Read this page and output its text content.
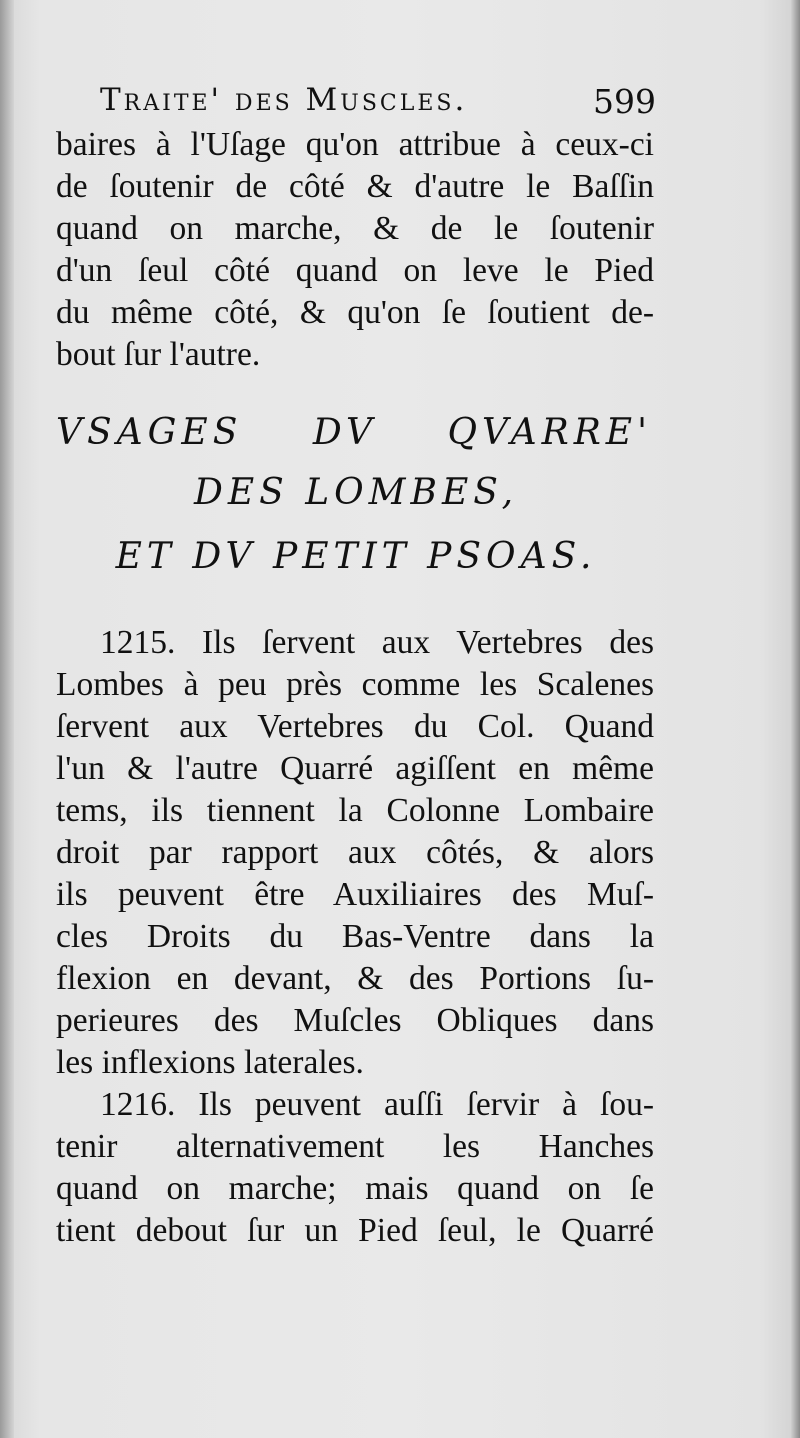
Traite' des Muscles.	599
baires à l'Uſage qu'on attribue à ceux-ci
de ſoutenir de côté & d'autre le Baſſin
quand on marche, & de le ſoutenir
d'un ſeul côté quand on leve le Pied
du même côté, & qu'on ſe ſoutient de-
bout ſur l'autre.
VSAGES DV QVARRE'
DES LOMBES,
ET DV PETIT PSOAS.
1215. Ils ſervent aux Vertebres des
Lombes à peu près comme les Scalenes
ſervent aux Vertebres du Col. Quand
l'un & l'autre Quarré agiſſent en même
tems, ils tiennent la Colonne Lombaire
droit par rapport aux côtés, & alors
ils peuvent être Auxiliaires des Muſ-
cles Droits du Bas-Ventre dans la
flexion en devant, & des Portions ſu-
perieures des Muſcles Obliques dans
les inflexions laterales.
1216. Ils peuvent auſſi ſervir à ſou-
tenir alternativement les Hanches
quand on marche; mais quand on ſe
tient debout ſur un Pied ſeul, le Quarré
